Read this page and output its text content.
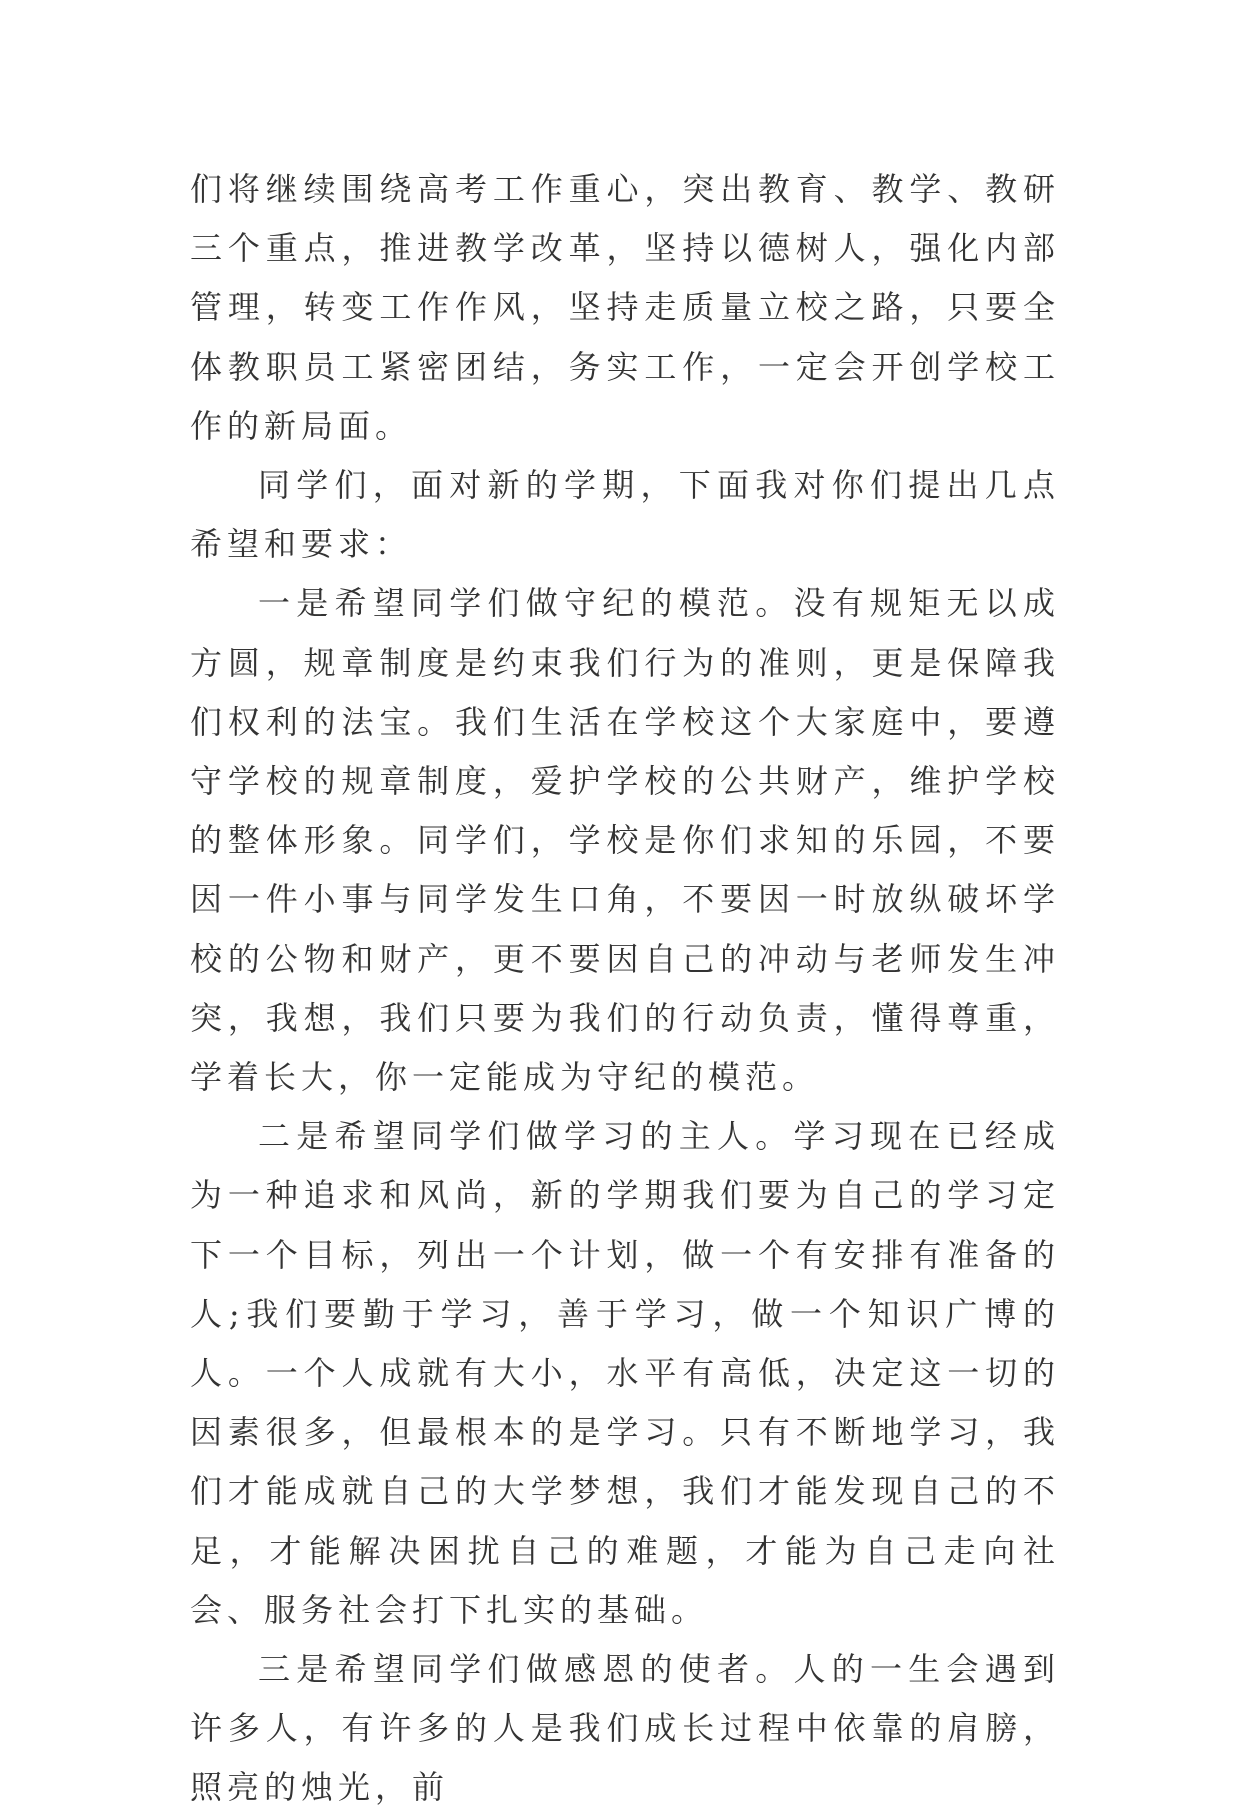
们将继续围绕高考工作重心，突出教育、教学、教研三个重点，推进教学改革，坚持以德树人，强化内部管理，转变工作作风，坚持走质量立校之路，只要全体教职员工紧密团结，务实工作，一定会开创学校工作的新局面。

同学们，面对新的学期，下面我对你们提出几点希望和要求：

一是希望同学们做守纪的模范。没有规矩无以成方圆，规章制度是约束我们行为的准则，更是保障我们权利的法宝。我们生活在学校这个大家庭中，要遵守学校的规章制度，爱护学校的公共财产，维护学校的整体形象。同学们，学校是你们求知的乐园，不要因一件小事与同学发生口角，不要因一时放纵破坏学校的公物和财产，更不要因自己的冲动与老师发生冲突，我想，我们只要为我们的行动负责，懂得尊重，学着长大，你一定能成为守纪的模范。

二是希望同学们做学习的主人。学习现在已经成为一种追求和风尚，新的学期我们要为自己的学习定下一个目标，列出一个计划，做一个有安排有准备的人;我们要勤于学习，善于学习，做一个知识广博的人。一个人成就有大小，水平有高低，决定这一切的因素很多，但最根本的是学习。只有不断地学习，我们才能成就自己的大学梦想，我们才能发现自己的不足，才能解决困扰自己的难题，才能为自己走向社会、服务社会打下扎实的基础。

三是希望同学们做感恩的使者。人的一生会遇到许多人，有许多的人是我们成长过程中依靠的肩膀，照亮的烛光，前
